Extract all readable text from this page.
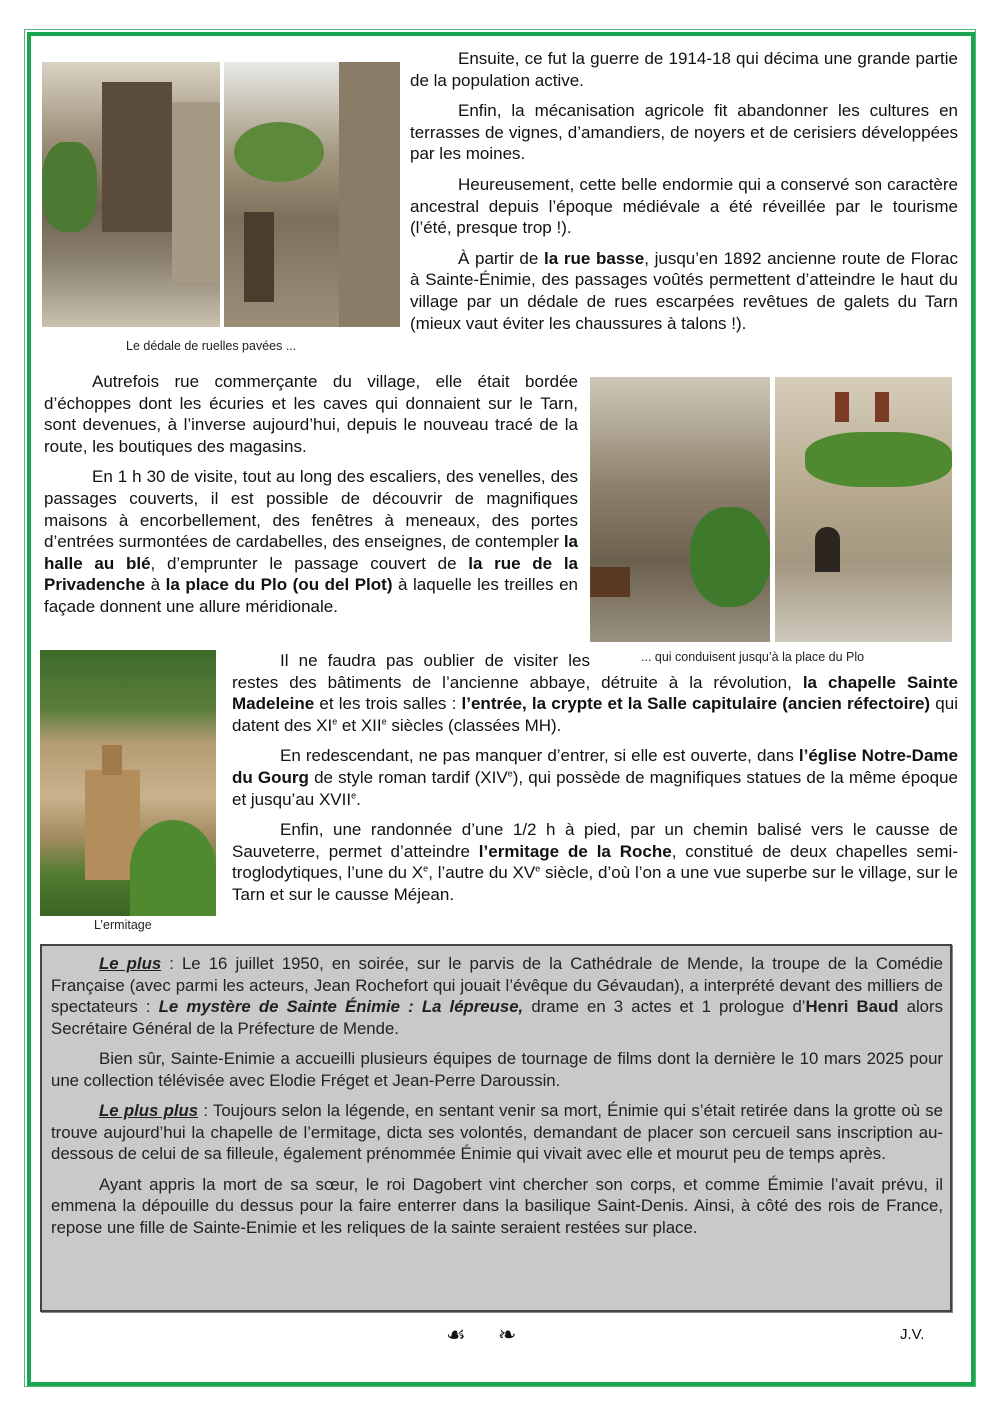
Le dédale de ruelles pavées ...

Ensuite, ce fut la guerre de 1914-18 qui décima une grande partie de la population active.

Enfin, la mécanisation agricole fit abandonner les cultures en terrasses de vignes, d’amandiers, de noyers et de cerisiers développées par les moines.

Heureusement, cette belle endormie qui a conservé son caractère ancestral depuis l’époque médiévale a été réveillée par le tourisme (l’été, presque trop !).

À partir de la rue basse, jusqu’en 1892 ancienne route de Florac à Sainte-Énimie, des passages voûtés permettent d’atteindre le haut du village par un dédale de rues escarpées revêtues de galets du Tarn (mieux vaut éviter les chaussures à talons !).

Autrefois rue commerçante du village, elle était bordée d’échoppes dont les écuries et les caves qui donnaient sur le Tarn, sont devenues, à l’inverse aujourd’hui, depuis le nouveau tracé de la route, les boutiques des magasins.

En 1 h 30 de visite, tout au long des escaliers, des venelles, des passages couverts, il est possible de découvrir de magnifiques maisons à encorbellement, des fenêtres à meneaux, des portes d’entrées surmontées de cardabelles, des enseignes, de contempler la halle au blé, d’emprunter le passage couvert de la rue de la Privadenche à la place du Plo (ou del Plot) à laquelle les treilles en façade donnent une allure méridionale.

... qui conduisent jusqu’à la place du Plo
L’ermitage

Il ne faudra pas oublier de visiter les restes des bâtiments de l’ancienne abbaye, détruite à la révolution, la chapelle Sainte Madeleine et les trois salles : l’entrée, la crypte et la Salle capitulaire (ancien réfectoire) qui datent des XIe et XIIe siècles (classées MH).

En redescendant, ne pas manquer d’entrer, si elle est ouverte, dans l’église Notre-Dame du Gourg de style roman tardif (XIVe), qui possède de magnifiques statues de la même époque et jusqu’au XVIIe.

Enfin, une randonnée d’une 1/2 h à pied, par un chemin balisé vers le causse de Sauveterre, permet d’atteindre l’ermitage de la Roche, constitué de deux chapelles semi-troglodytiques, l’une du Xe, l’autre du XVe siècle, d’où l’on a une vue superbe sur le village, sur le Tarn et sur le causse Méjean.

Le plus : Le 16 juillet 1950, en soirée, sur le parvis de la Cathédrale de Mende, la troupe de la Comédie Française (avec parmi les acteurs, Jean Rochefort qui jouait l’évêque du Gévaudan), a interprété devant des milliers de spectateurs : Le mystère de Sainte Énimie : La lépreuse, drame en 3 actes et 1 prologue d’Henri Baud alors Secrétaire Général de la Préfecture de Mende.

Bien sûr, Sainte-Enimie a accueilli plusieurs équipes de tournage de films dont la dernière le 10 mars 2025 pour une collection télévisée avec Elodie Fréget et Jean-Perre Daroussin.

Le plus plus : Toujours selon la légende, en sentant venir sa mort, Énimie qui s’était retirée dans la grotte où se trouve aujourd’hui la chapelle de l’ermitage, dicta ses volontés, demandant de placer son cercueil sans inscription au-dessous de celui de sa filleule, également prénommée Énimie qui vivait avec elle et mourut peu de temps après.

Ayant appris la mort de sa sœur, le roi Dagobert vint chercher son corps, et comme Émimie l’avait prévu, il emmena la dépouille du dessus pour la faire enterrer dans la basilique Saint-Denis. Ainsi, à côté des rois de France, repose une fille de Sainte-Enimie et les reliques de la sainte seraient restées sur place.

☙ ❧	J.V.
